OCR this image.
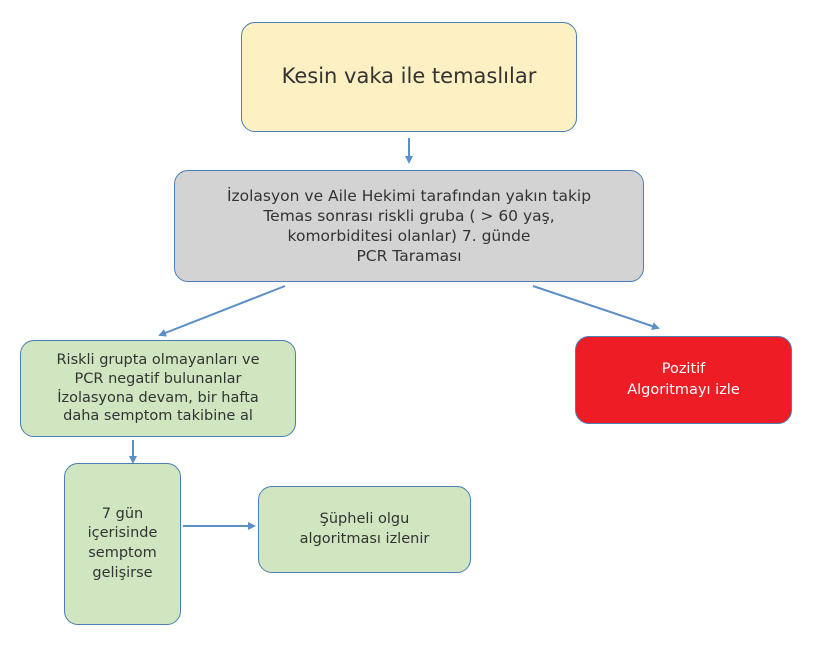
Kesin vaka ile temaslılar
İzolasyon ve Aile Hekimi tarafından yakın takip
Temas sonrası riskli gruba ( > 60 yaş,
komorbiditesi olanlar) 7. günde
PCR Taraması
Riskli grupta olmayanları ve
PCR negatif bulunanlar
İzolasyona devam, bir hafta
daha semptom takibine al
Pozitif
Algoritmayı izle
7 gün
içerisinde
semptom
gelişirse
Şüpheli olgu
algoritması izlenir
